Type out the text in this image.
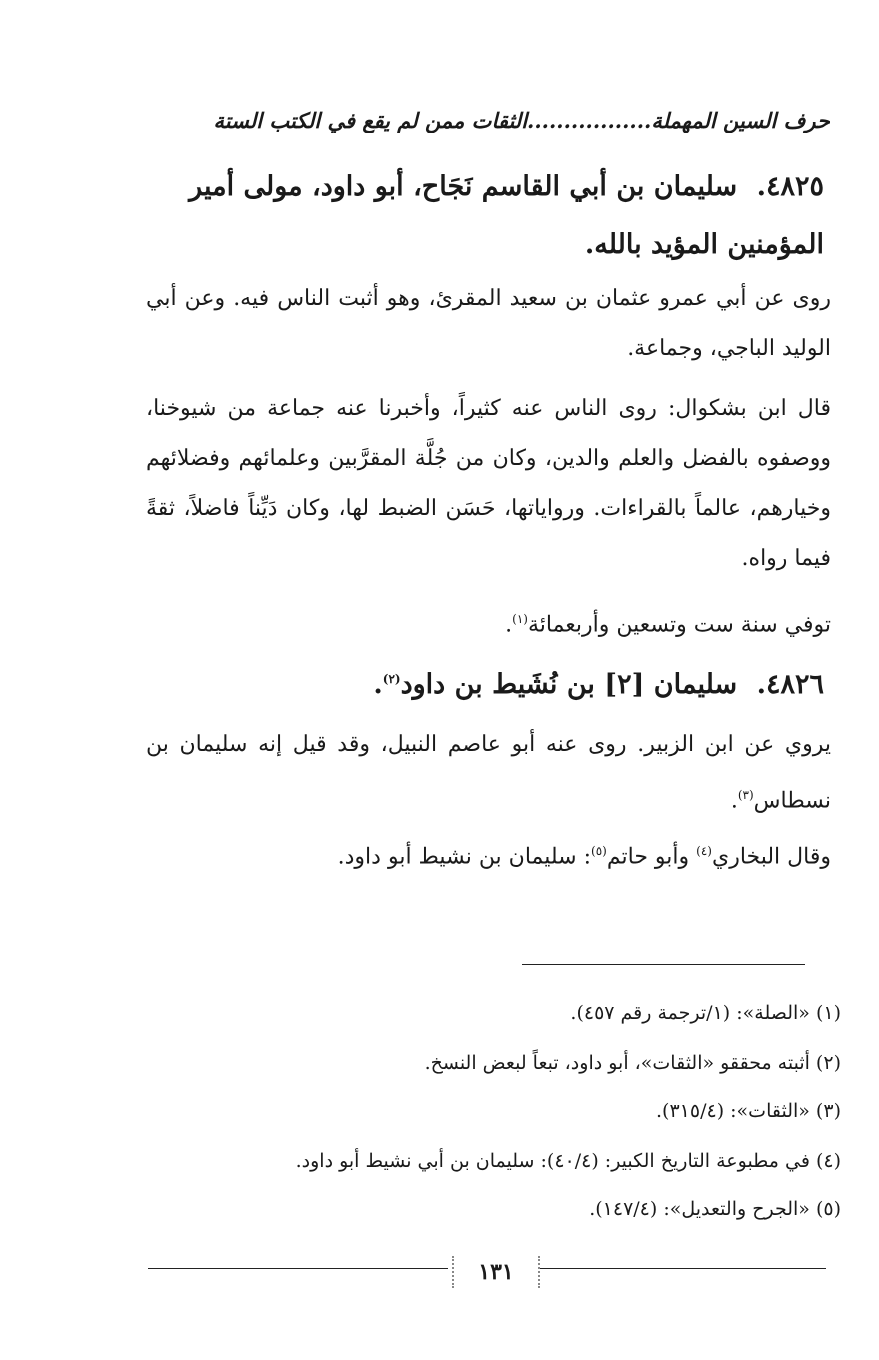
حرف السين المهملة.................الثقات ممن لم يقع في الكتب الستة
٤٨٢٥. سليمان بن أبي القاسم نَجَاح، أبو داود، مولى أمير المؤمنين المؤيد بالله.
روى عن أبي عمرو عثمان بن سعيد المقرئ، وهو أثبت الناس فيه. وعن أبي الوليد الباجي، وجماعة.
قال ابن بشكوال: روى الناس عنه كثيراً، وأخبرنا عنه جماعة من شيوخنا، ووصفوه بالفضل والعلم والدين، وكان من جُلَّة المقرَّبين وعلمائهم وفضلائهم وخيارهم، عالماً بالقراءات. ورواياتها، حَسَن الضبط لها، وكان دَيِّناً فاضلاً، ثقةً فيما رواه.
توفي سنة ست وتسعين وأربعمائة$^{(١)}$.
٤٨٢٦. سليمان [٢] بن نُشَيط بن داود$^{(٢)}$.
يروي عن ابن الزبير. روى عنه أبو عاصم النبيل، وقد قيل إنه سليمان بن نسطاس$^{(٣)}$.
وقال البخاري$^{(٤)}$ وأبو حاتم$^{(٥)}$: سليمان بن نشيط أبو داود.
(١) «الصلة»: (١/ترجمة رقم ٤٥٧).
(٢) أثبته محققو «الثقات»، أبو داود، تبعاً لبعض النسخ.
(٣) «الثقات»: (٣١٥/٤).
(٤) في مطبوعة التاريخ الكبير: (٤٠/٤): سليمان بن أبي نشيط أبو داود.
(٥) «الجرح والتعديل»: (١٤٧/٤).
١٣١
